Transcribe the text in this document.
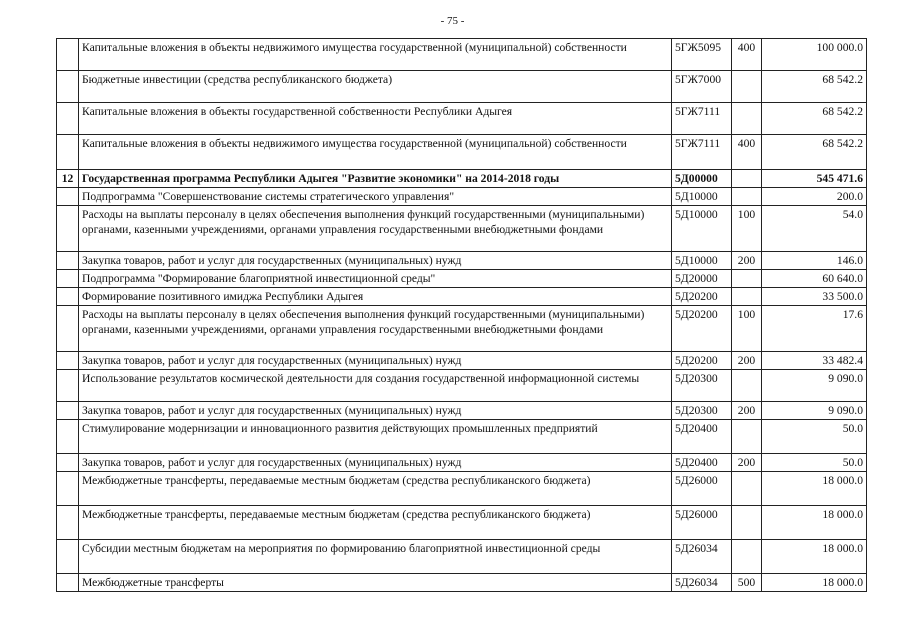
- 75 -
	Капитальные вложения в объекты недвижимого имущества государственной (муниципальной) собственности	5ГЖ5095	400	100 000.0
	Бюджетные инвестиции (средства республиканского бюджета)	5ГЖ7000		68 542.2
	Капитальные вложения в объекты государственной собственности Республики Адыгея	5ГЖ7111		68 542.2
	Капитальные вложения в объекты недвижимого имущества государственной (муниципальной) собственности	5ГЖ7111	400	68 542.2
12	Государственная программа Республики Адыгея "Развитие экономики" на 2014-2018 годы	5Д00000		545 471.6
	Подпрограмма "Совершенствование системы стратегического управления"	5Д10000		200.0
	Расходы на выплаты персоналу в целях обеспечения выполнения функций государственными (муниципальными) органами, казенными учреждениями, органами управления государственными внебюджетными фондами	5Д10000	100	54.0
	Закупка товаров, работ и услуг для государственных (муниципальных) нужд	5Д10000	200	146.0
	Подпрограмма "Формирование благоприятной инвестиционной среды"	5Д20000		60 640.0
	Формирование позитивного имиджа Республики Адыгея	5Д20200		33 500.0
	Расходы на выплаты персоналу в целях обеспечения выполнения функций государственными (муниципальными) органами, казенными учреждениями, органами управления государственными внебюджетными фондами	5Д20200	100	17.6
	Закупка товаров, работ и услуг для государственных (муниципальных) нужд	5Д20200	200	33 482.4
	Использование результатов космической деятельности для создания государственной информационной системы	5Д20300		9 090.0
	Закупка товаров, работ и услуг для государственных (муниципальных) нужд	5Д20300	200	9 090.0
	Стимулирование модернизации и инновационного развития действующих промышленных предприятий	5Д20400		50.0
	Закупка товаров, работ и услуг для государственных (муниципальных) нужд	5Д20400	200	50.0
	Межбюджетные трансферты, передаваемые местным бюджетам (средства республиканского бюджета)	5Д26000		18 000.0
	Межбюджетные трансферты, передаваемые местным бюджетам (средства республиканского бюджета)	5Д26000		18 000.0
	Субсидии местным бюджетам на мероприятия по формированию благоприятной инвестиционной среды	5Д26034		18 000.0
	Межбюджетные трансферты	5Д26034	500	18 000.0
